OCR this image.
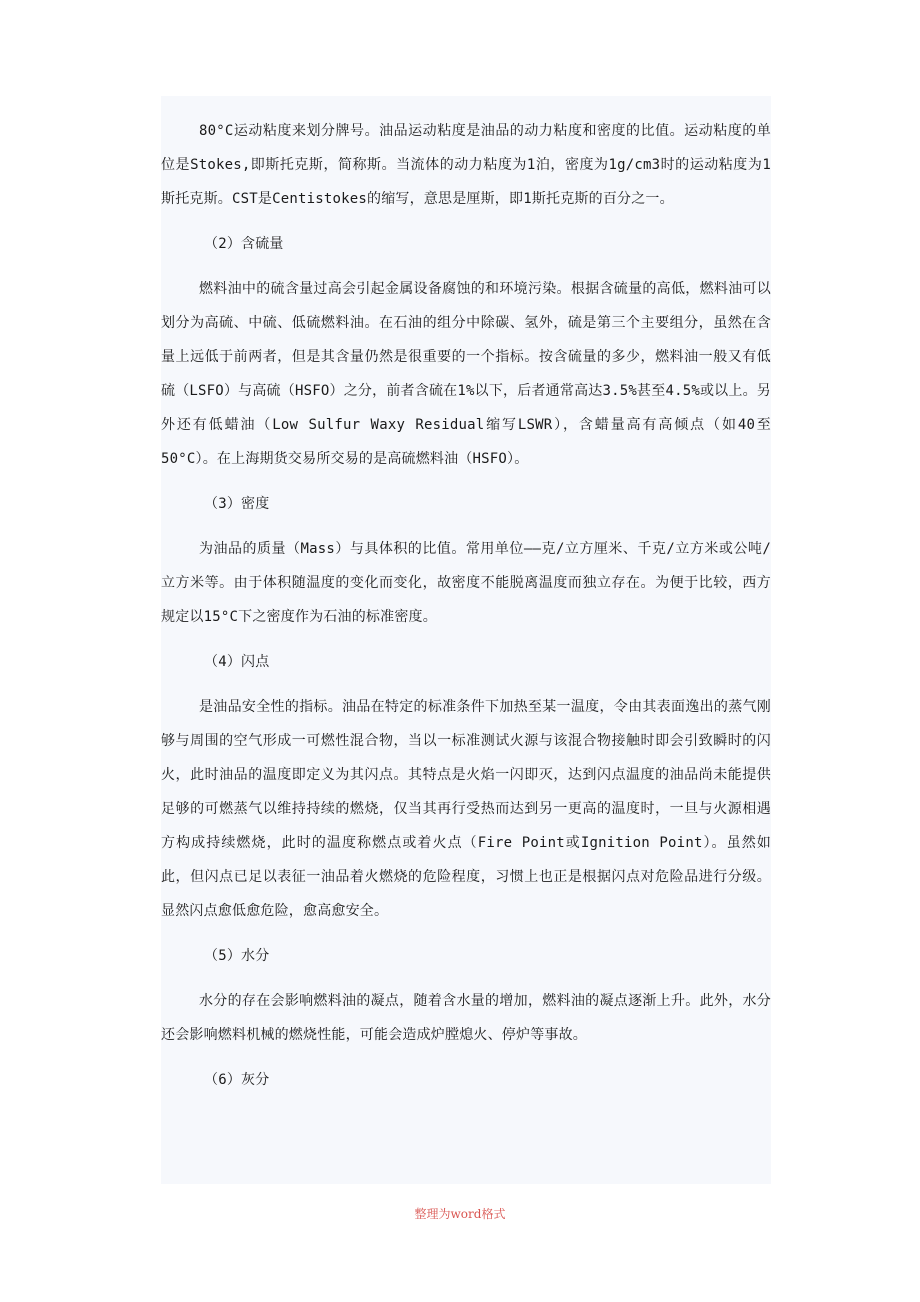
80°C运动粘度来划分牌号。油品运动粘度是油品的动力粘度和密度的比值。运动粘度的单位是Stokes,即斯托克斯，简称斯。当流体的动力粘度为1泊，密度为1g/cm3时的运动粘度为1斯托克斯。CST是Centistokes的缩写，意思是厘斯，即1斯托克斯的百分之一。

（2）含硫量

燃料油中的硫含量过高会引起金属设备腐蚀的和环境污染。根据含硫量的高低，燃料油可以划分为高硫、中硫、低硫燃料油。在石油的组分中除碳、氢外，硫是第三个主要组分，虽然在含量上远低于前两者，但是其含量仍然是很重要的一个指标。按含硫量的多少，燃料油一般又有低硫（LSFO）与高硫（HSFO）之分，前者含硫在1%以下，后者通常高达3.5%甚至4.5%或以上。另外还有低蜡油（Low Sulfur Waxy Residual缩写LSWR），含蜡量高有高倾点（如40至50°C）。在上海期货交易所交易的是高硫燃料油（HSFO）。

（3）密度

为油品的质量（Mass）与具体积的比值。常用单位——克/立方厘米、千克/立方米或公吨/立方米等。由于体积随温度的变化而变化，故密度不能脱离温度而独立存在。为便于比较，西方规定以15°C下之密度作为石油的标准密度。

（4）闪点

是油品安全性的指标。油品在特定的标准条件下加热至某一温度，令由其表面逸出的蒸气刚够与周围的空气形成一可燃性混合物，当以一标准测试火源与该混合物接触时即会引致瞬时的闪火，此时油品的温度即定义为其闪点。其特点是火焰一闪即灭，达到闪点温度的油品尚未能提供足够的可燃蒸气以维持持续的燃烧，仅当其再行受热而达到另一更高的温度时，一旦与火源相遇方构成持续燃烧，此时的温度称燃点或着火点（Fire Point或Ignition Point）。虽然如此，但闪点已足以表征一油品着火燃烧的危险程度，习惯上也正是根据闪点对危险品进行分级。显然闪点愈低愈危险，愈高愈安全。

（5）水分

水分的存在会影响燃料油的凝点，随着含水量的增加，燃料油的凝点逐渐上升。此外，水分还会影响燃料机械的燃烧性能，可能会造成炉膛熄火、停炉等事故。

（6）灰分

整理为word格式
